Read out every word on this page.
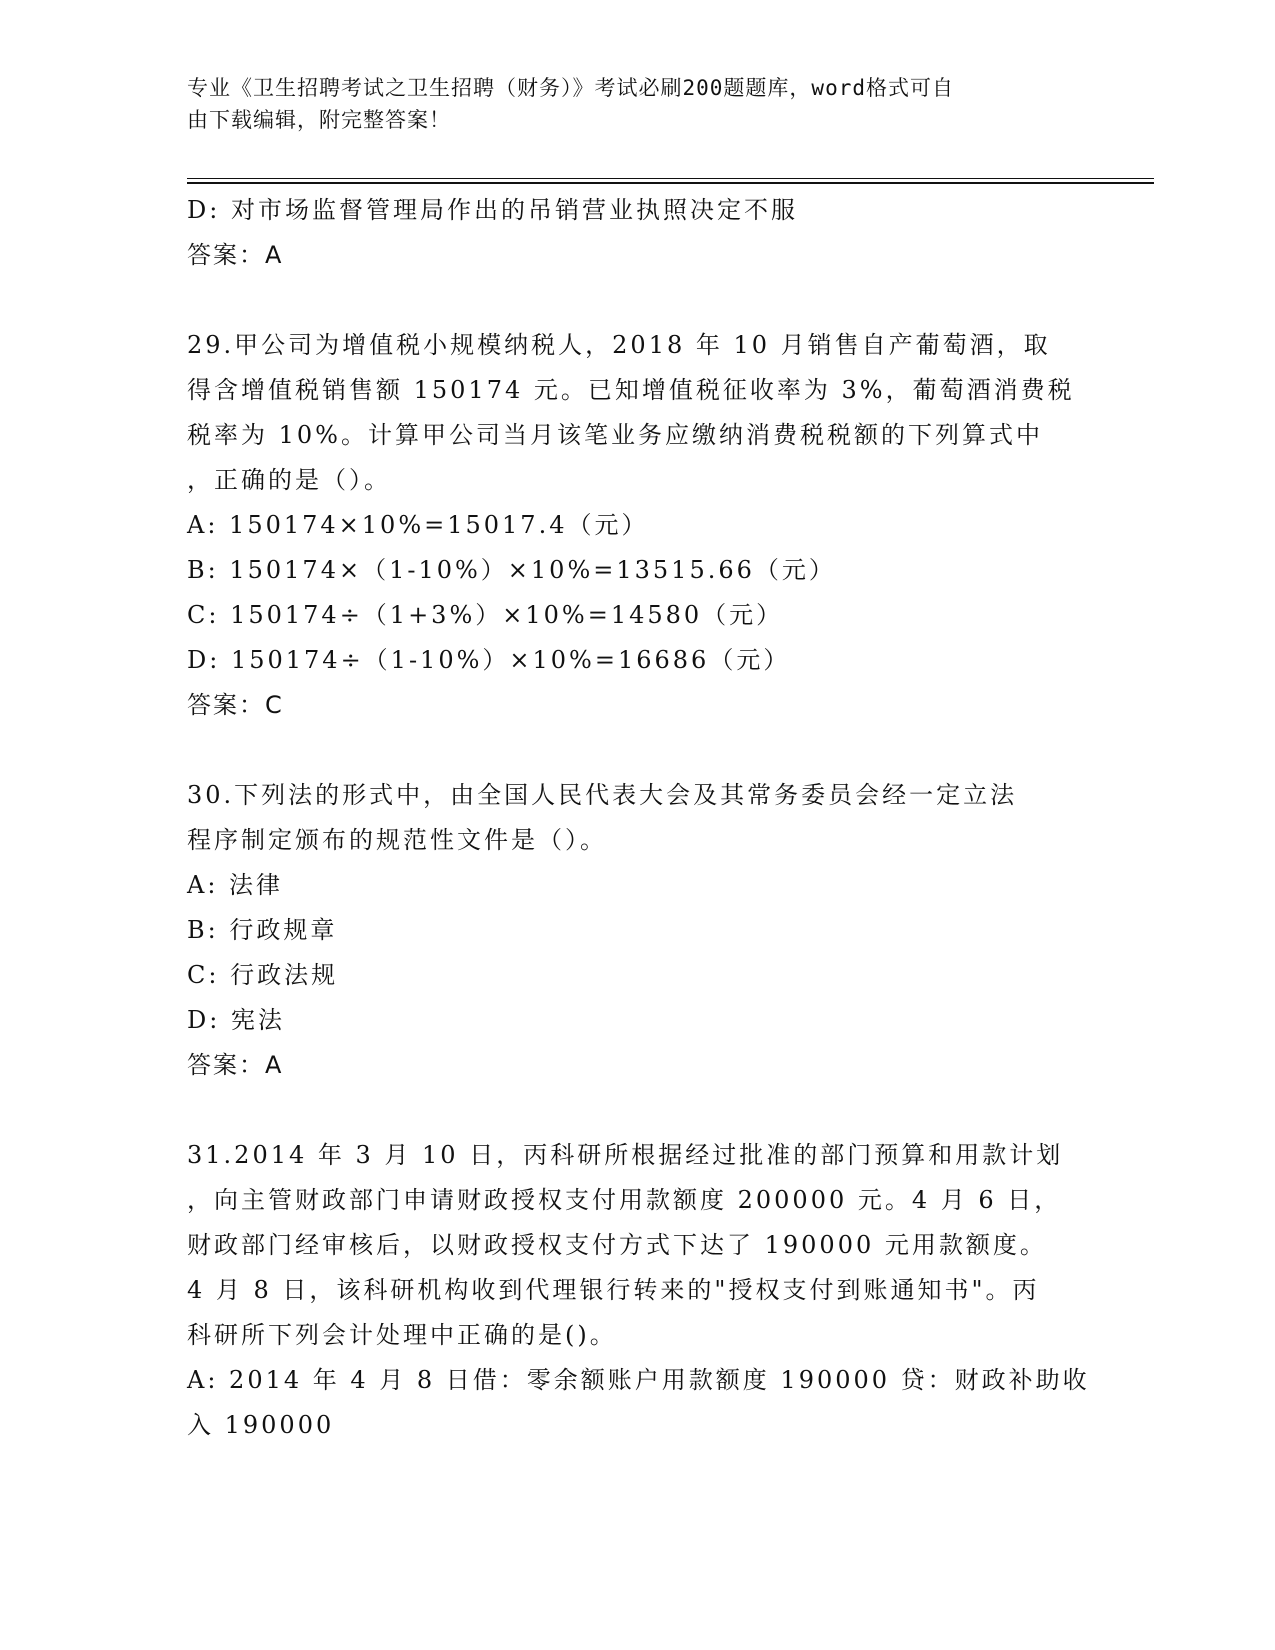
专业《卫生招聘考试之卫生招聘（财务）》考试必刷200题题库，word格式可自
由下载编辑，附完整答案！
D: 对市场监督管理局作出的吊销营业执照决定不服
答案：A
29.甲公司为增值税小规模纳税人，2018 年 10 月销售自产葡萄酒，取
得含增值税销售额 150174 元。已知增值税征收率为 3%，葡萄酒消费税
税率为 10%。计算甲公司当月该笔业务应缴纳消费税税额的下列算式中
，正确的是（）。
A: 150174×10%=15017.4（元）
B: 150174×（1-10%）×10%=13515.66（元）
C: 150174÷（1+3%）×10%=14580（元）
D: 150174÷（1-10%）×10%=16686（元）
答案：C
30.下列法的形式中，由全国人民代表大会及其常务委员会经一定立法
程序制定颁布的规范性文件是（）。
A: 法律
B: 行政规章
C: 行政法规
D: 宪法
答案：A
31.2014 年 3 月 10 日，丙科研所根据经过批准的部门预算和用款计划
，向主管财政部门申请财政授权支付用款额度 200000 元。4 月 6 日，
财政部门经审核后，以财政授权支付方式下达了 190000 元用款额度。
4 月 8 日，该科研机构收到代理银行转来的"授权支付到账通知书"。丙
科研所下列会计处理中正确的是()。
A: 2014 年 4 月 8 日借：零余额账户用款额度 190000 贷：财政补助收
入 190000
